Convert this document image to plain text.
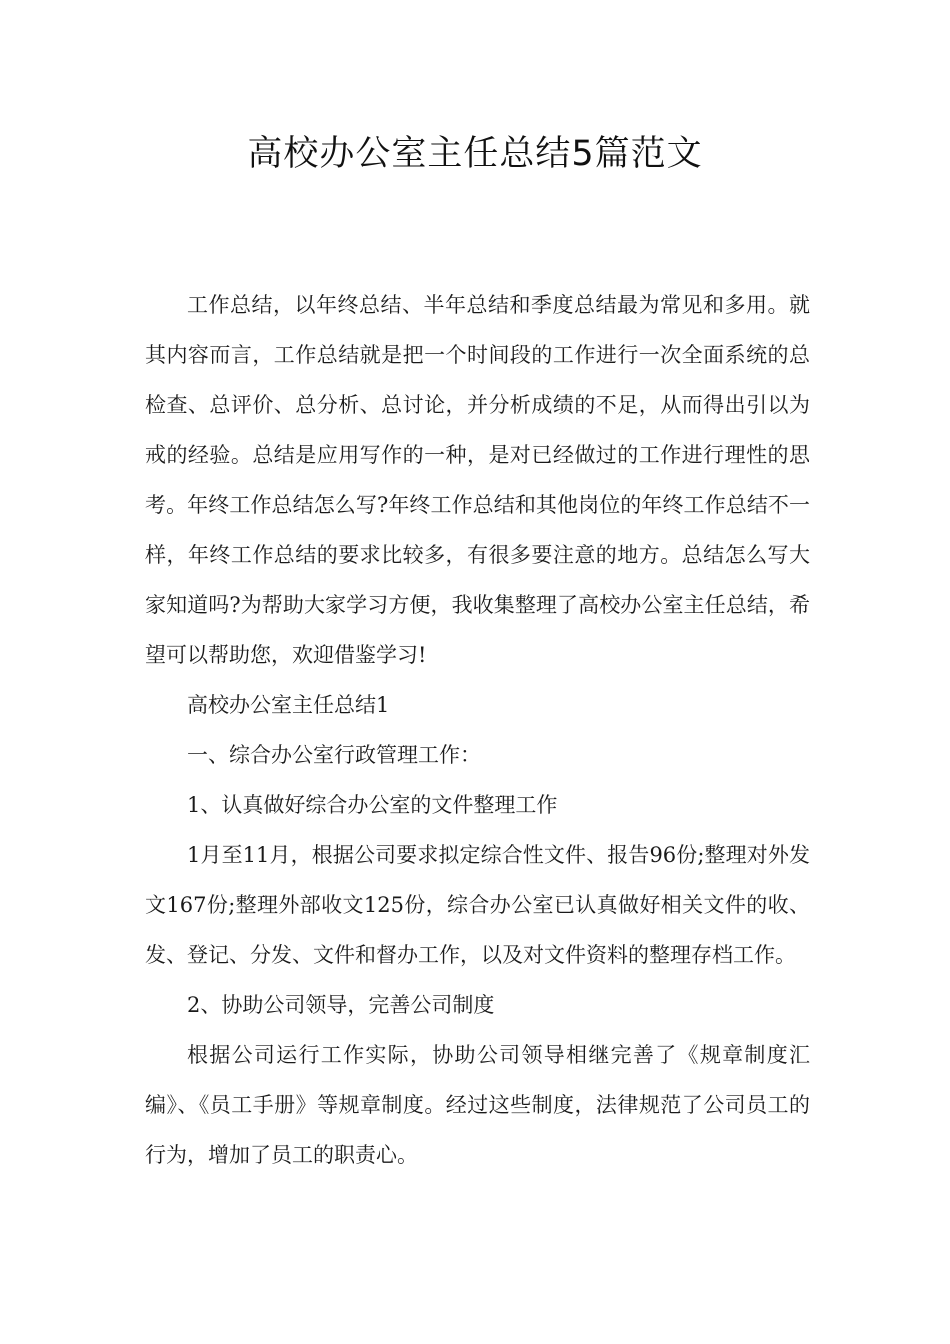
高校办公室主任总结5篇范文

工作总结，以年终总结、半年总结和季度总结最为常见和多用。就其内容而言，工作总结就是把一个时间段的工作进行一次全面系统的总检查、总评价、总分析、总讨论，并分析成绩的不足，从而得出引以为戒的经验。总结是应用写作的一种，是对已经做过的工作进行理性的思考。年终工作总结怎么写?年终工作总结和其他岗位的年终工作总结不一样，年终工作总结的要求比较多，有很多要注意的地方。总结怎么写大家知道吗?为帮助大家学习方便，我收集整理了高校办公室主任总结，希望可以帮助您，欢迎借鉴学习!

高校办公室主任总结1

一、综合办公室行政管理工作：

1、认真做好综合办公室的文件整理工作

1月至11月，根据公司要求拟定综合性文件、报告96份;整理对外发文167份;整理外部收文125份，综合办公室已认真做好相关文件的收、发、登记、分发、文件和督办工作，以及对文件资料的整理存档工作。

2、协助公司领导，完善公司制度

根据公司运行工作实际，协助公司领导相继完善了《规章制度汇编》、《员工手册》等规章制度。经过这些制度，法律规范了公司员工的行为，增加了员工的职责心。
